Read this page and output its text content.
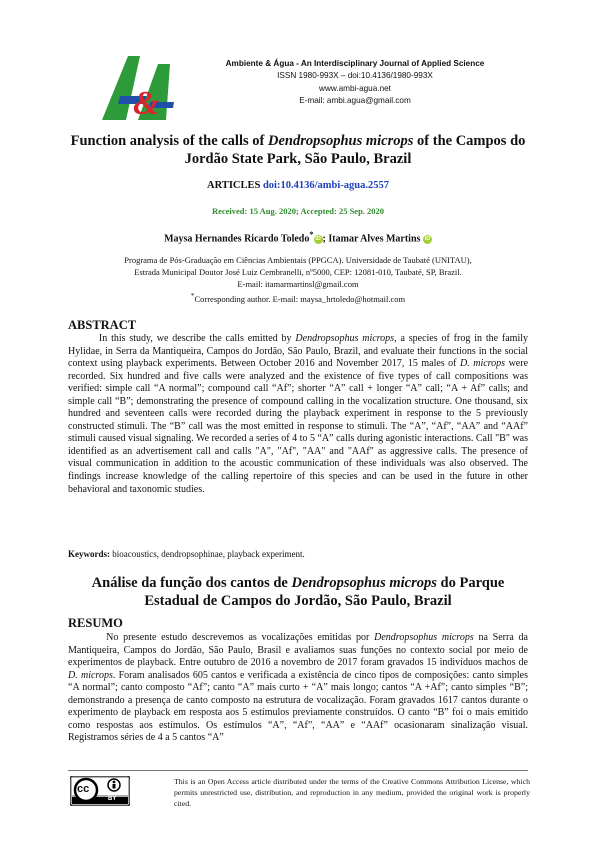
&
Ambiente & Água - An Interdisciplinary Journal of Applied Science
ISSN 1980-993X – doi:10.4136/1980-993X
www.ambi-agua.net
E-mail: ambi.agua@gmail.com
Function analysis of the calls of Dendropsophus microps of the Campos do Jordão State Park, São Paulo, Brazil
ARTICLES doi:10.4136/ambi-agua.2557
Received: 15 Aug. 2020; Accepted: 25 Sep. 2020
Maysa Hernandes Ricardo Toledo*iD ; Itamar Alves Martins iD
Programa de Pós-Graduação em Ciências Ambientais (PPGCA). Universidade de Taubaté (UNITAU),
Estrada Municipal Doutor José Luiz Cembranelli, nº5000, CEP: 12081-010, Taubaté, SP, Brazil.
E-mail: itamarmartinsl@gmail.com
*Corresponding author. E-mail: maysa_hrtoledo@hotmail.com
ABSTRACT
In this study, we describe the calls emitted by Dendropsophus microps, a species of frog in the family Hylidae, in Serra da Mantiqueira, Campos do Jordão, São Paulo, Brazil, and evaluate their functions in the social context using playback experiments. Between October 2016 and November 2017, 15 males of D. microps were recorded. Six hundred and five calls were analyzed and the existence of five types of call compositions was verified: simple call “A normal”; compound call “Af”; shorter “A” call + longer “A” call; “A + Af” calls; and simple call “B”; demonstrating the presence of compound calling in the vocalization structure. One thousand, six hundred and seventeen calls were recorded during the playback experiment in response to the 5 previously constructed stimuli. The “B” call was the most emitted in response to stimuli. The “A”, “Af”, “AA” and “AAf” stimuli caused visual signaling. We recorded a series of 4 to 5 “A” calls during agonistic interactions. Call "B" was identified as an advertisement call and calls "A", "Af", "AA" and "AAf" as aggressive calls. The presence of visual communication in addition to the acoustic communication of these individuals was also observed. The findings increase knowledge of the calling repertoire of this species and can be used in the future in other behavioral and taxonomic studies.
Keywords: bioacoustics, dendropsophinae, playback experiment.
Análise da função dos cantos de Dendropsophus microps do Parque Estadual de Campos do Jordão, São Paulo, Brazil
RESUMO
No presente estudo descrevemos as vocalizações emitidas por Dendropsophus microps na Serra da Mantiqueira, Campos do Jordão, São Paulo, Brasil e avaliamos suas funções no contexto social por meio de experimentos de playback. Entre outubro de 2016 a novembro de 2017 foram gravados 15 indivíduos machos de D. microps. Foram analisados 605 cantos e verificada a existência de cinco tipos de composições: canto simples “A normal”; canto composto “Af”; canto “A” mais curto + “A” mais longo; cantos “A +Af”; canto simples “B”; demonstrando a presença de canto composto na estrutura de vocalização. Foram gravados 1617 cantos durante o experimento de playback em resposta aos 5 estímulos previamente construídos. O canto “B” foi o mais emitido como respostas aos estímulos. Os estímulos “A”, “Af”, “AA” e “AAf” ocasionaram sinalização visual. Registramos séries de 4 a 5 cantos “A”
cc
BY
This is an Open Access article distributed under the terms of the Creative Commons Attribution License, which permits unrestricted use, distribution, and reproduction in any medium, provided the original work is properly cited.
